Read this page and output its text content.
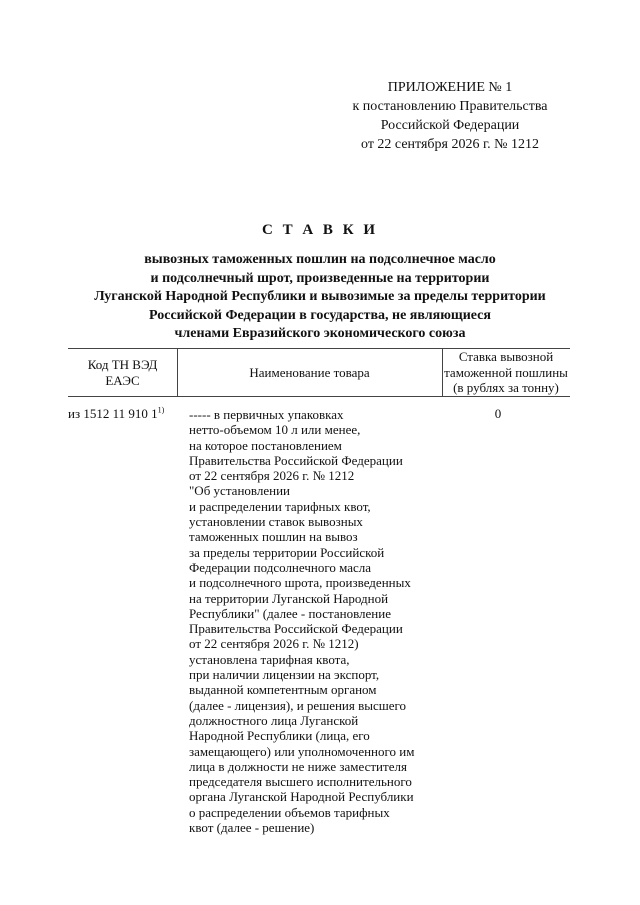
ПРИЛОЖЕНИЕ № 1
к постановлению Правительства
Российской Федерации
от 22 сентября 2026 г. № 1212
С Т А В К И
вывозных таможенных пошлин на подсолнечное масло
и подсолнечный шрот, произведенные на территории
Луганской Народной Республики и вывозимые за пределы территории
Российской Федерации в государства, не являющиеся
членами Евразийского экономического союза
Код ТН ВЭД
ЕАЭС
Наименование товара
Ставка вывозной
таможенной пошлины
(в рублях за тонну)
из 1512 11 910 1$^{1)}$	----- в первичных упаковках
нетто-объемом 10 л или менее,
на которое постановлением
Правительства Российской Федерации
от 22 сентября 2026 г. № 1212
"Об установлении
и распределении тарифных квот,
установлении ставок вывозных
таможенных пошлин на вывоз
за пределы территории Российской
Федерации подсолнечного масла
и подсолнечного шрота, произведенных
на территории Луганской Народной
Республики" (далее - постановление
Правительства Российской Федерации
от 22 сентября 2026 г. № 1212)
установлена тарифная квота,
при наличии лицензии на экспорт,
выданной компетентным органом
(далее - лицензия), и решения высшего
должностного лица Луганской
Народной Республики (лица, его
замещающего) или уполномоченного им
лица в должности не ниже заместителя
председателя высшего исполнительного
органа Луганской Народной Республики
о распределении объемов тарифных
квот (далее - решение)
0
